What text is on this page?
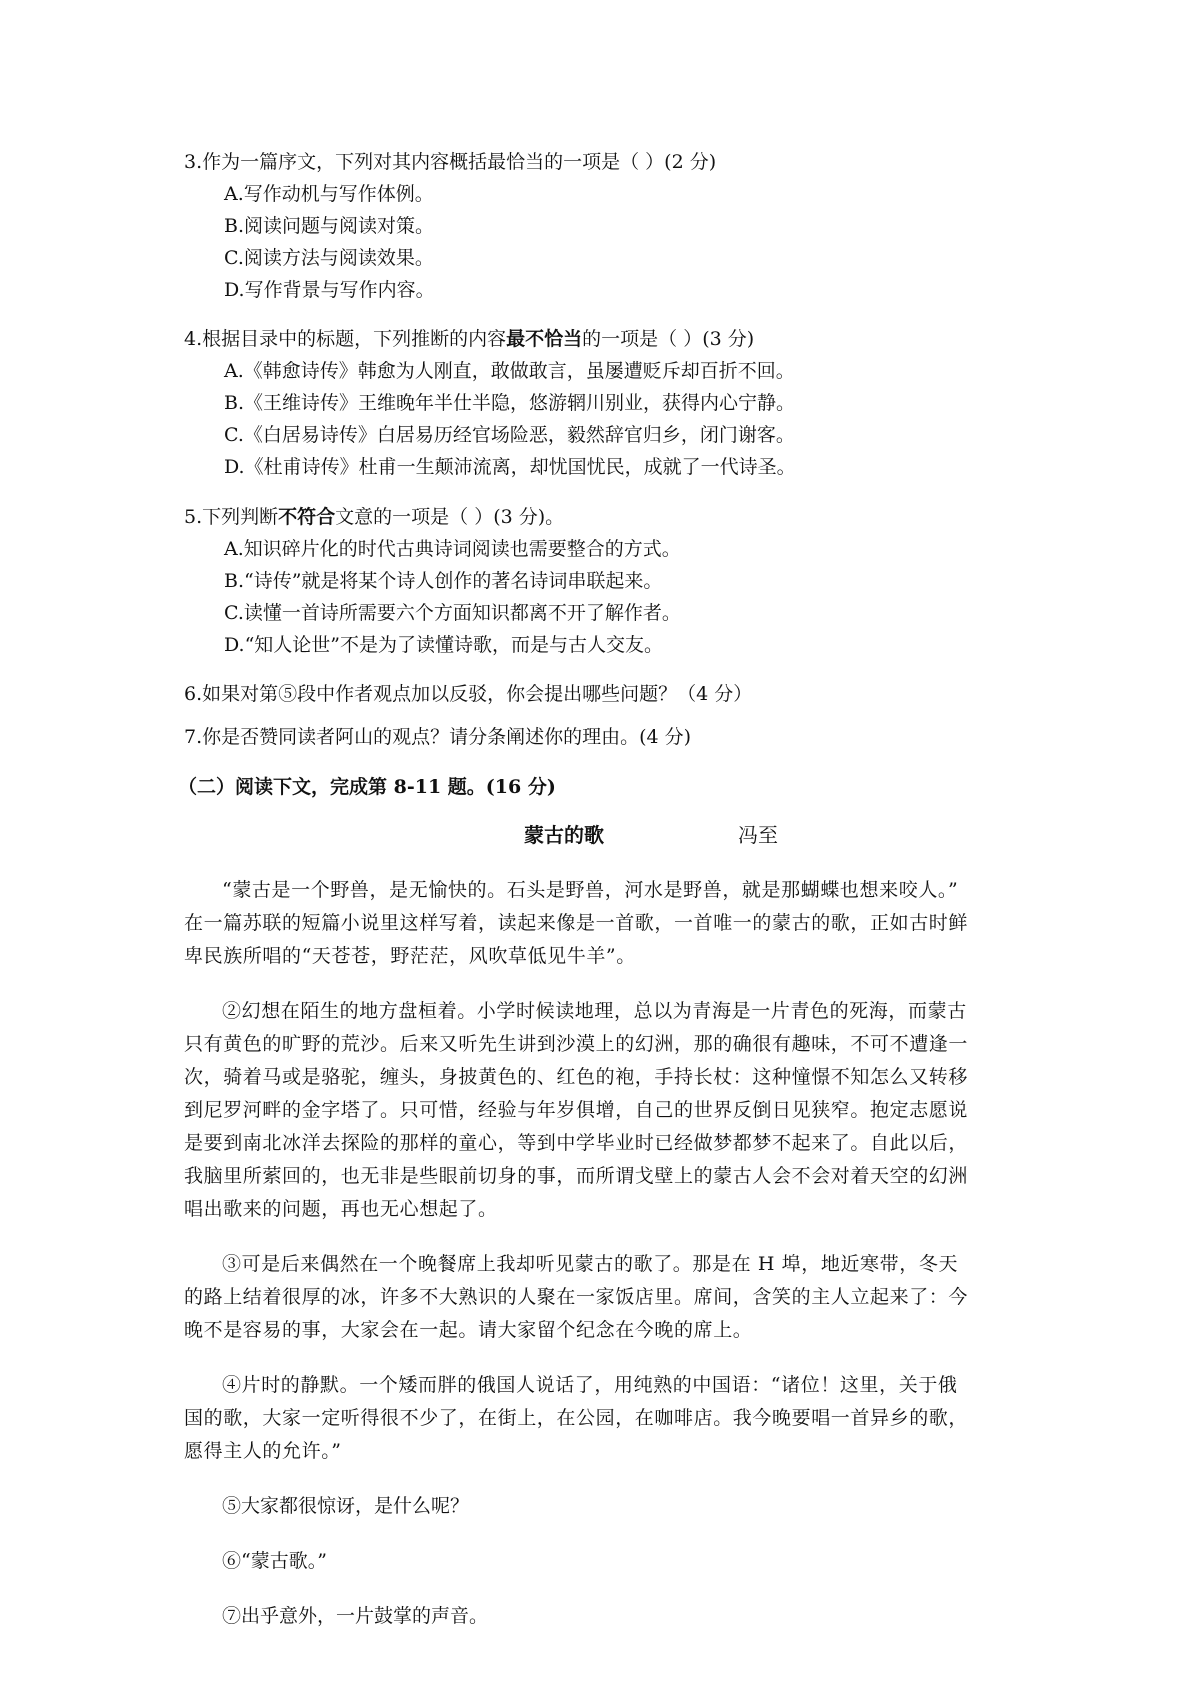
3.作为一篇序文，下列对其内容概括最恰当的一项是（ ）(2 分)
A.写作动机与写作体例。
B.阅读问题与阅读对策。
C.阅读方法与阅读效果。
D.写作背景与写作内容。
4.根据目录中的标题，下列推断的内容最不恰当的一项是（ ）(3 分)
A.《韩愈诗传》韩愈为人刚直，敢做敢言，虽屡遭贬斥却百折不回。
B.《王维诗传》王维晚年半仕半隐，悠游辋川别业，获得内心宁静。
C.《白居易诗传》白居易历经官场险恶，毅然辞官归乡，闭门谢客。
D.《杜甫诗传》杜甫一生颠沛流离，却忧国忧民，成就了一代诗圣。
5.下列判断不符合文意的一项是（ ）(3 分)。
A.知识碎片化的时代古典诗词阅读也需要整合的方式。
B.“诗传”就是将某个诗人创作的著名诗词串联起来。
C.读懂一首诗所需要六个方面知识都离不开了解作者。
D.“知人论世”不是为了读懂诗歌，而是与古人交友。
6.如果对第⑤段中作者观点加以反驳，你会提出哪些问题？（4 分）
7.你是否赞同读者阿山的观点？请分条阐述你的理由。(4 分)
（二）阅读下文，完成第 8-11 题。(16 分)
蒙古的歌	冯至
“蒙古是一个野兽，是无愉快的。石头是野兽，河水是野兽，就是那蝴蝶也想来咬人。”
在一篇苏联的短篇小说里这样写着，读起来像是一首歌，一首唯一的蒙古的歌，正如古时鲜
卑民族所唱的“天苍苍，野茫茫，风吹草低见牛羊”。
②幻想在陌生的地方盘桓着。小学时候读地理，总以为青海是一片青色的死海，而蒙古
只有黄色的旷野的荒沙。后来又听先生讲到沙漠上的幻洲，那的确很有趣味，不可不遭逢一
次，骑着马或是骆驼，缠头，身披黄色的、红色的袍，手持长杖：这种憧憬不知怎么又转移
到尼罗河畔的金字塔了。只可惜，经验与年岁俱增，自己的世界反倒日见狭窄。抱定志愿说
是要到南北冰洋去探险的那样的童心，等到中学毕业时已经做梦都梦不起来了。自此以后，
我脑里所萦回的，也无非是些眼前切身的事，而所谓戈壁上的蒙古人会不会对着天空的幻洲
唱出歌来的问题，再也无心想起了。
③可是后来偶然在一个晚餐席上我却听见蒙古的歌了。那是在 H 埠，地近寒带，冬天
的路上结着很厚的冰，许多不大熟识的人聚在一家饭店里。席间，含笑的主人立起来了：今
晚不是容易的事，大家会在一起。请大家留个纪念在今晚的席上。
④片时的静默。一个矮而胖的俄国人说话了，用纯熟的中国语：“诸位！这里，关于俄
国的歌，大家一定听得很不少了，在街上，在公园，在咖啡店。我今晚要唱一首异乡的歌，
愿得主人的允许。”
⑤大家都很惊讶，是什么呢？
⑥“蒙古歌。”
⑦出乎意外，一片鼓掌的声音。
